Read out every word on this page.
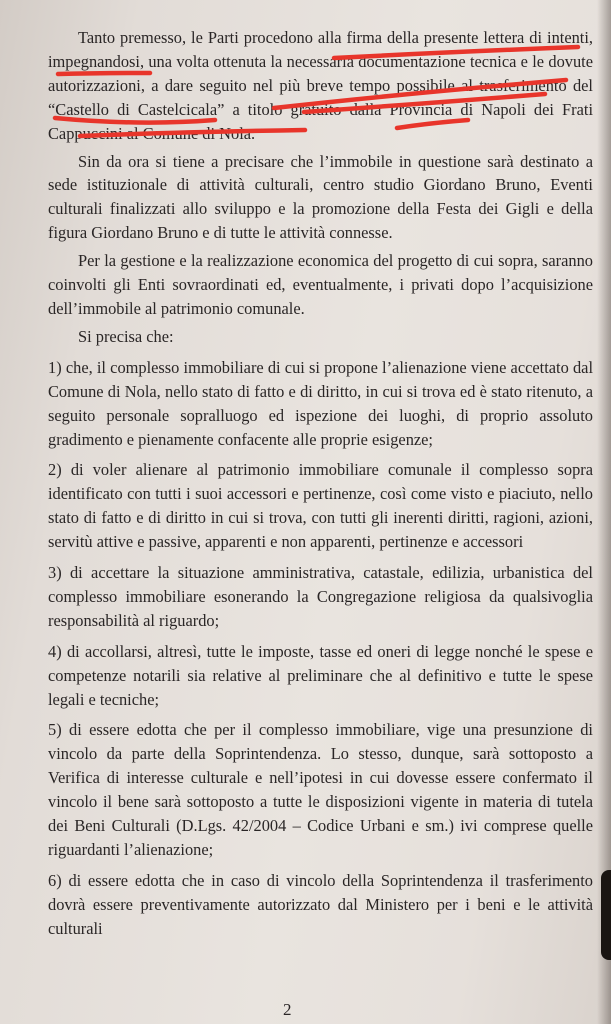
Tanto premesso, le Parti procedono alla firma della presente lettera di intenti, impegnandosi, una volta ottenuta la necessaria documentazione tecnica e le dovute autorizzazioni, a dare seguito nel più breve tempo possibile al trasferimento del “Castello di Castelcicala” a titolo gratuito dalla Provincia di Napoli dei Frati Cappuccini al Comune di Nola.

Sin da ora si tiene a precisare che l’immobile in questione sarà destinato a sede istituzionale di attività culturali, centro studio Giordano Bruno, Eventi culturali finalizzati allo sviluppo e la promozione della Festa dei Gigli e della figura Giordano Bruno e di tutte le attività connesse.

Per la gestione e la realizzazione economica del progetto di cui sopra, saranno coinvolti gli Enti sovraordinati ed, eventualmente, i privati dopo l’acquisizione dell’immobile al patrimonio comunale.

Si precisa che:

1) che, il complesso immobiliare di cui si propone l’alienazione viene accettato dal Comune di Nola, nello stato di fatto e di diritto, in cui si trova ed è stato ritenuto, a seguito personale sopralluogo ed ispezione dei luoghi, di proprio assoluto gradimento e pienamente confacente alle proprie esigenze;

2) di voler alienare al patrimonio immobiliare comunale il complesso sopra identificato con tutti i suoi accessori e pertinenze, così come visto e piaciuto, nello stato di fatto e di diritto in cui si trova, con tutti gli inerenti diritti, ragioni, azioni, servitù attive e passive, apparenti e non apparenti, pertinenze e accessori

3) di accettare la situazione amministrativa, catastale, edilizia, urbanistica del complesso immobiliare esonerando la Congregazione religiosa da qualsivoglia responsabilità al riguardo;

4) di accollarsi, altresì, tutte le imposte, tasse ed oneri di legge nonché le spese e competenze notarili sia relative al preliminare che al definitivo e tutte le spese legali e tecniche;

5) di essere edotta che per il complesso immobiliare, vige una presunzione di vincolo da parte della Soprintendenza. Lo stesso, dunque, sarà sottoposto a Verifica di interesse culturale e nell’ipotesi in cui dovesse essere confermato il vincolo il bene sarà sottoposto a tutte le disposizioni vigente in materia di tutela dei Beni Culturali (D.Lgs. 42/2004 – Codice Urbani e sm.) ivi comprese quelle riguardanti l’alienazione;

6) di essere edotta che in caso di vincolo della Soprintendenza il trasferimento dovrà essere preventivamente autorizzato dal Ministero per i beni e le attività culturali

2
